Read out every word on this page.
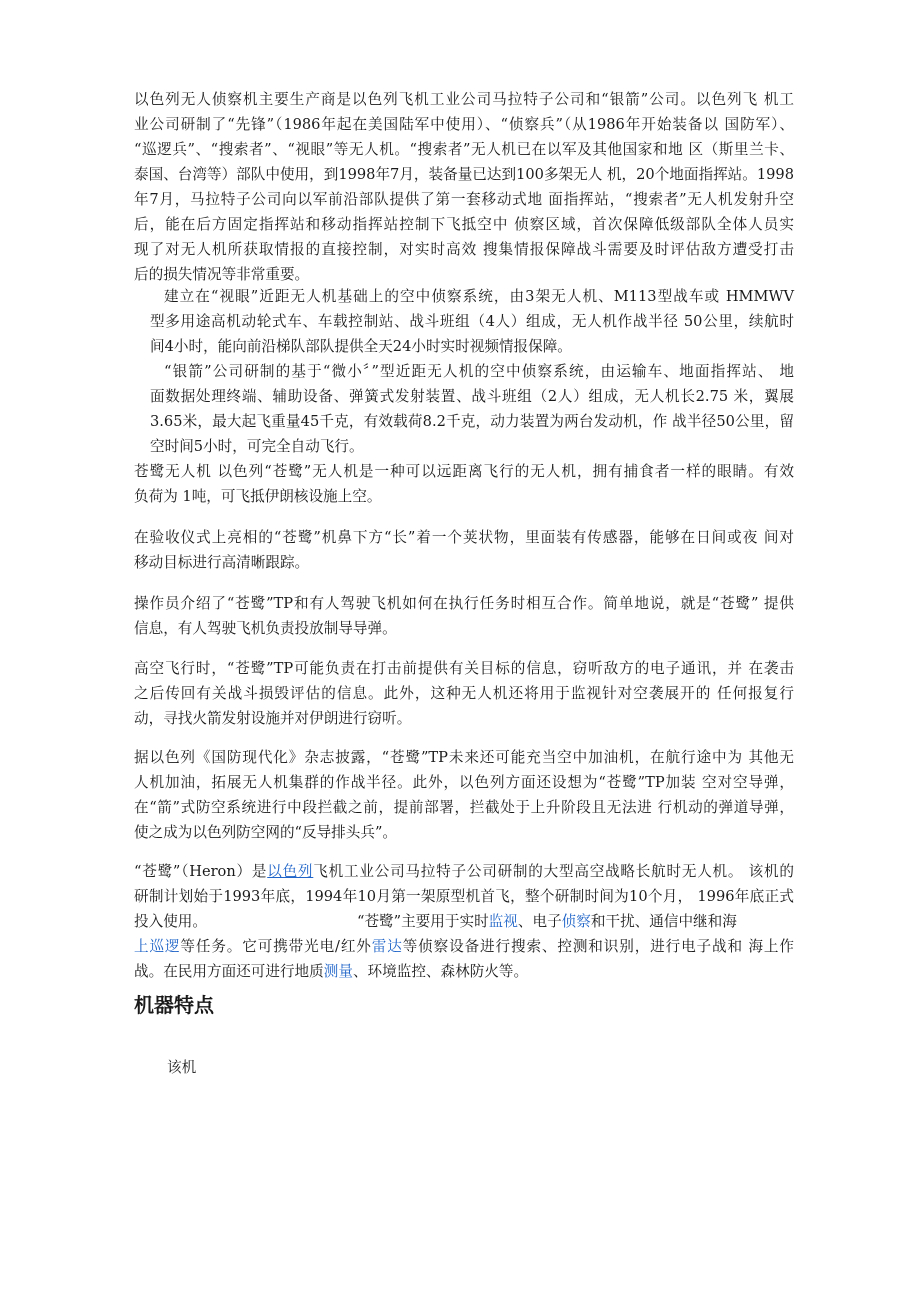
以色列无人侦察机主要生产商是以色列飞机工业公司马拉特子公司和“银箭”公司。以色列飞 机工
业公司研制了“先锋”（1986年起在美国陆军中使用）、“侦察兵”（从1986年开始装备以 国防军）、
“巡逻兵”、“搜索者”、“视眼”等无人机。“搜索者”无人机已在以军及其他国家和地 区（斯里兰卡、
泰国、台湾等）部队中使用，到1998年7月，装备量已达到100多架无人 机，20个地面指挥站。1998
年7月，马拉特子公司向以军前沿部队提供了第一套移动式地 面指挥站，“搜索者”无人机发射升空
后，能在后方固定指挥站和移动指挥站控制下飞抵空中 侦察区域，首次保障低级部队全体人员实
现了对无人机所获取情报的直接控制，对实时高效 搜集情报保障战斗需要及时评估敌方遭受打击
后的损失情况等非常重要。
建立在“视眼”近距无人机基础上的空中侦察系统，由3架无人机、M113型战车或 HMMWV
型多用途高机动轮式车、车载控制站、战斗班组（4人）组成，无人机作战半径 50公里，续航时
间4小时，能向前沿梯队部队提供全天24小时实时视频情报保障。
“银箭”公司研制的基于“微小〞”型近距无人机的空中侦察系统，由运输车、地面指挥站、 地
面数据处理终端、辅助设备、弹簧式发射装置、战斗班组（2人）组成，无人机长2.75 米，翼展
3.65米，最大起飞重量45千克，有效载荷8.2千克，动力装置为两台发动机，作 战半径50公里，留
空时间5小时，可完全自动飞行。
苍鹭无人机 以色列“苍鹭”无人机是一种可以远距离飞行的无人机，拥有捕食者一样的眼睛。有效
负荷为 1吨，可飞抵伊朗核设施上空。
在验收仪式上亮相的“苍鹭”机鼻下方“长”着一个荚状物，里面装有传感器，能够在日间或夜 间对
移动目标进行高清晰跟踪。
操作员介绍了“苍鹭”TP和有人驾驶飞机如何在执行任务时相互合作。简单地说，就是“苍鹭” 提供
信息，有人驾驶飞机负责投放制导导弹。
高空飞行时，“苍鹭”TP可能负责在打击前提供有关目标的信息，窃听敌方的电子通讯，并 在袭击
之后传回有关战斗损毁评估的信息。此外，这种无人机还将用于监视针对空袭展开的 任何报复行
动，寻找火箭发射设施并对伊朗进行窃听。
据以色列《国防现代化》杂志披露，“苍鹭”TP未来还可能充当空中加油机，在航行途中为 其他无
人机加油，拓展无人机集群的作战半径。此外，以色列方面还设想为“苍鹭”TP加装 空对空导弹，
在“箭”式防空系统进行中段拦截之前，提前部署，拦截处于上升阶段且无法进 行机动的弹道导弹，
使之成为以色列防空网的“反导排头兵”。
“苍鹭”（Heron）是以色列飞机工业公司马拉特子公司研制的大型高空战略长航时无人机。 该机的
研制计划始于1993年底，1994年10月第一架原型机首飞，整个研制时间为10个月， 1996年底正式
投入使用。	“苍鹭”主要用于实时监视、电子侦察和干扰、通信中继和海
上巡逻等任务。它可携带光电/红外雷达等侦察设备进行搜索、控测和识别，进行电子战和 海上作
战。在民用方面还可进行地质测量、环境监控、森林防火等。
机器特点
该机
